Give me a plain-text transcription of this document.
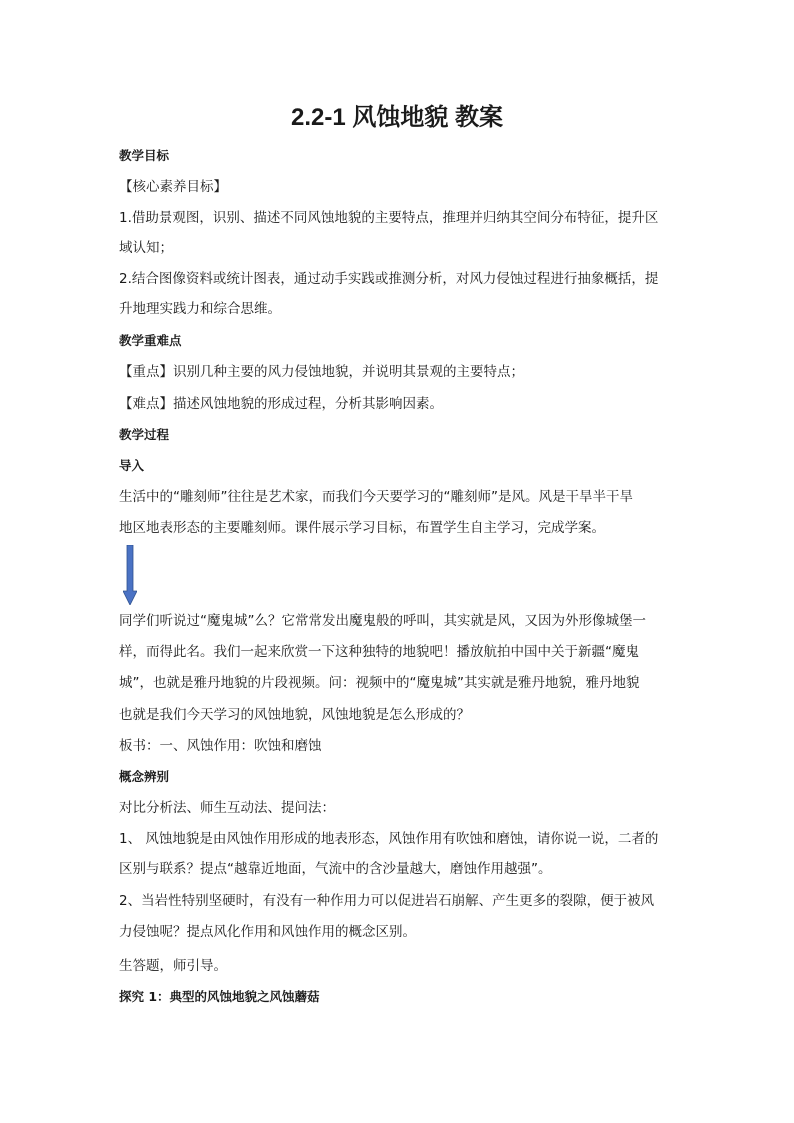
2.2-1 风蚀地貌 教案
教学目标
【核心素养目标】
1.借助景观图，识别、描述不同风蚀地貌的主要特点，推理并归纳其空间分布特征，提升区
域认知；
2.结合图像资料或统计图表，通过动手实践或推测分析，对风力侵蚀过程进行抽象概括，提
升地理实践力和综合思维。
教学重难点
【重点】识别几种主要的风力侵蚀地貌，并说明其景观的主要特点；
【难点】描述风蚀地貌的形成过程，分析其影响因素。
教学过程
导入
生活中的“雕刻师”往往是艺术家，而我们今天要学习的“雕刻师”是风。风是干旱半干旱
地区地表形态的主要雕刻师。课件展示学习目标，布置学生自主学习，完成学案。
同学们听说过“魔鬼城”么？它常常发出魔鬼般的呼叫，其实就是风，又因为外形像城堡一
样，而得此名。我们一起来欣赏一下这种独特的地貌吧！播放航拍中国中关于新疆“魔鬼
城”，也就是雅丹地貌的片段视频。问：视频中的“魔鬼城”其实就是雅丹地貌，雅丹地貌
也就是我们今天学习的风蚀地貌，风蚀地貌是怎么形成的？
板书：一、风蚀作用：吹蚀和磨蚀
概念辨别
对比分析法、师生互动法、提问法：
1、 风蚀地貌是由风蚀作用形成的地表形态，风蚀作用有吹蚀和磨蚀，请你说一说，二者的
区别与联系？提点“越靠近地面，气流中的含沙量越大，磨蚀作用越强”。
2、当岩性特别坚硬时，有没有一种作用力可以促进岩石崩解、产生更多的裂隙，便于被风
力侵蚀呢？提点风化作用和风蚀作用的概念区别。
生答题，师引导。
探究 1：典型的风蚀地貌之风蚀蘑菇
